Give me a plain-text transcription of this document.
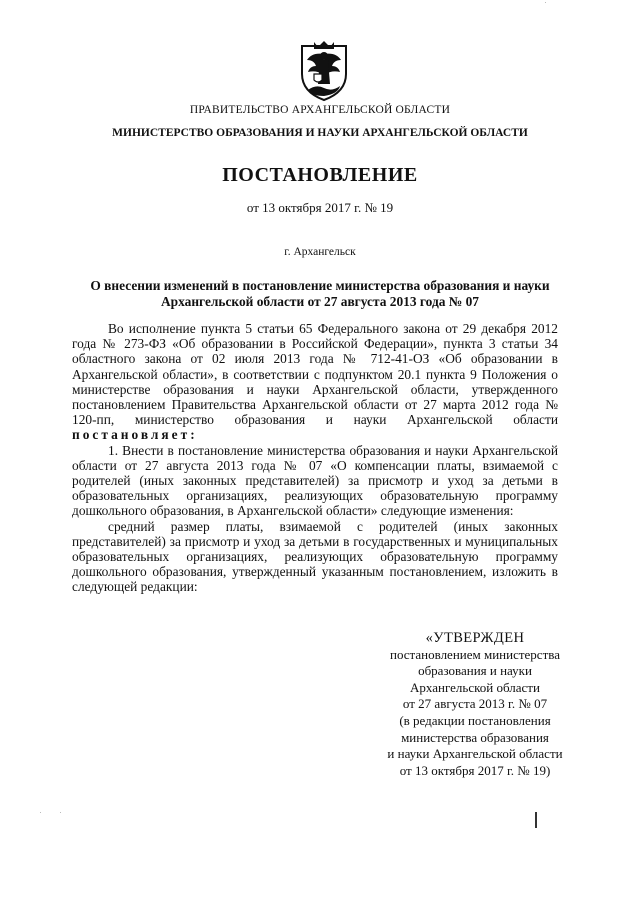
ПРАВИТЕЛЬСТВО АРХАНГЕЛЬСКОЙ ОБЛАСТИ
МИНИСТЕРСТВО ОБРАЗОВАНИЯ И НАУКИ АРХАНГЕЛЬСКОЙ ОБЛАСТИ
ПОСТАНОВЛЕНИЕ
от 13 октября 2017 г. № 19
г. Архангельск
О внесении изменений в постановление министерства образования и науки
Архангельской области от 27 августа 2013 года № 07

Во исполнение пункта 5 статьи 65 Федерального закона от 29 декабря 2012 года № 273-ФЗ «Об образовании в Российской Федерации», пункта 3 статьи 34 областного закона от 02 июля 2013 года № 712-41-ОЗ «Об образовании в Архангельской области», в соответствии с подпунктом 20.1 пункта 9 Положения о министерстве образования и науки Архангельской области, утвержденного постановлением Правительства Архангельской области от 27 марта 2012 года № 120-пп, министерство образования и науки Архангельской области постановляет:

1. Внести в постановление министерства образования и науки Архангельской области от 27 августа 2013 года № 07 «О компенсации платы, взимаемой с родителей (иных законных представителей) за присмотр и уход за детьми в образовательных организациях, реализующих образовательную программу дошкольного образования, в Архангельской области» следующие изменения:

средний размер платы, взимаемой с родителей (иных законных представителей) за присмотр и уход за детьми в государственных и муниципальных образовательных организациях, реализующих образовательную программу дошкольного образования, утвержденный указанным постановлением, изложить в следующей редакции:

«УТВЕРЖДЕН
постановлением министерства
образования и науки
Архангельской области
от 27 августа 2013 г. № 07
(в редакции постановления
министерства образования
и науки Архангельской области
от 13 октября 2017 г. № 19)
